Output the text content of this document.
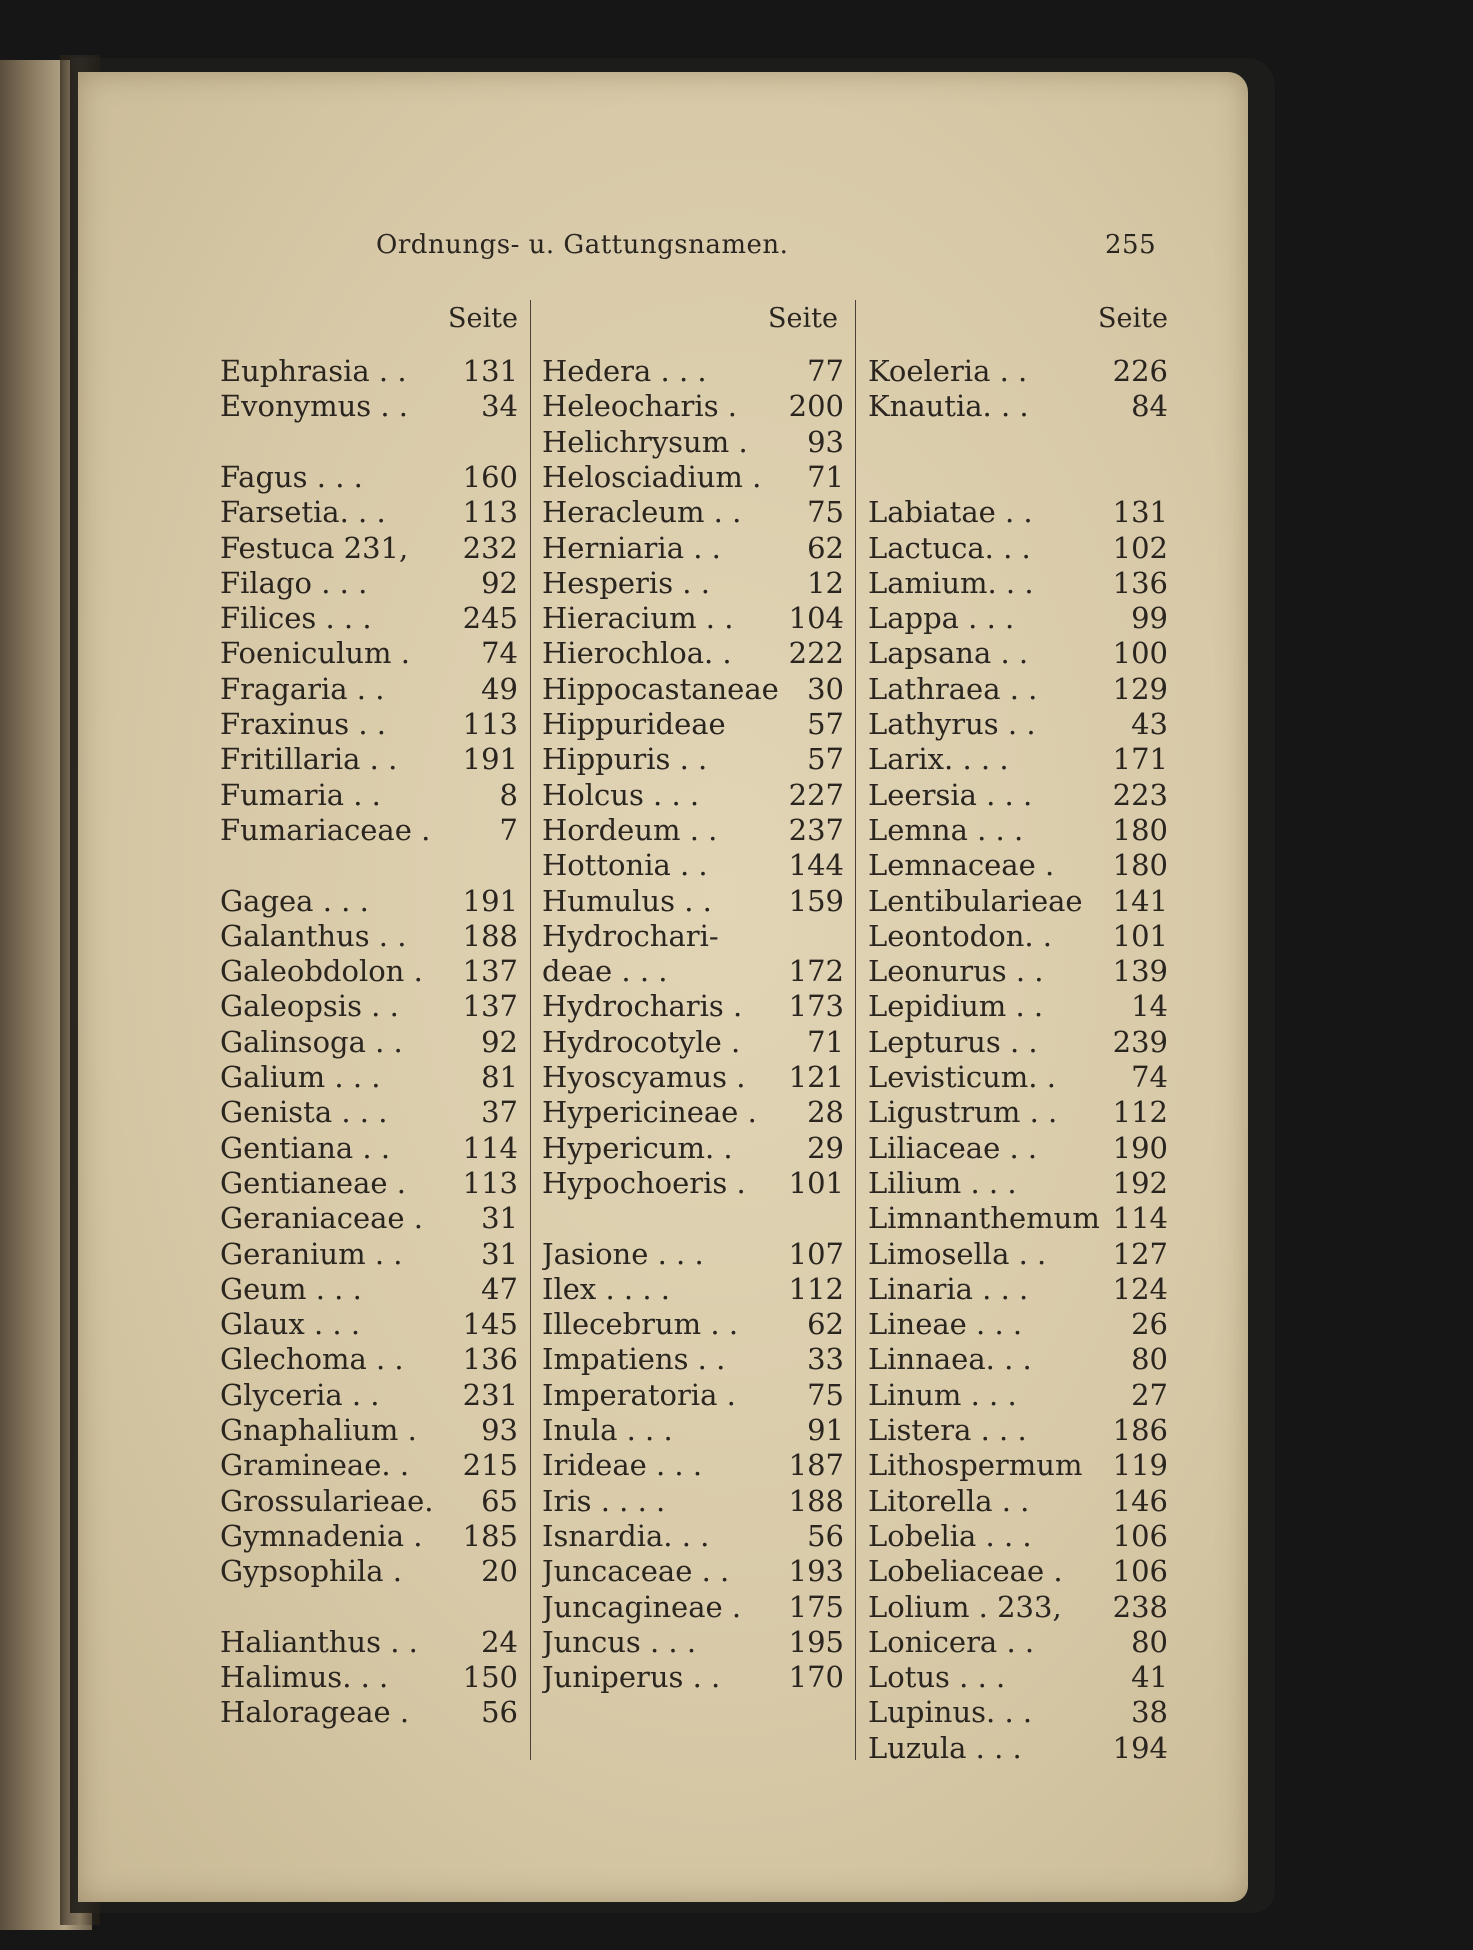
Ordnungs- u. Gattungsnamen.	255
Seite	Seite	Seite
Euphrasia . . 131
Evonymus . .	34
Fagus . . .	160
Farsetia. . .	113
Festuca 231, 232
Filago . . .	92
Filices . . .	245
Foeniculum . 74
Fragaria . .	49
Fraxinus . .	113
Fritillaria . . 191
Fumaria . .	8
Fumariaceae . 7
Gagea . . .	191
Galanthus . . 188
Galeobdolon . 137
Galeopsis . . 137
Galinsoga . .	92
Galium . . .	81
Genista . . .	37
Gentiana . .	114
Gentianeae . 113
Geraniaceae . 31
Geranium . .	31
Geum . . .	47
Glaux . . .	145
Glechoma . . 136
Glyceria . .	231
Gnaphalium . 93
Gramineae. . 215
Grossularieae. 65
Gymnadenia . 185
Gypsophila .	20
Halianthus . . 24
Halimus. . .	150
Halorageae . 56
Hedera . . .	77
Heleocharis . 200
Helichrysum . 93
Helosciadium . 71
Heracleum . . 75
Herniaria . .	62
Hesperis . .	12
Hieracium . . 104
Hierochloa. . 222
Hippocastaneae 30
Hippurideae	57
Hippuris . .	57
Holcus . . .	227
Hordeum . . 237
Hottonia . .	144
Humulus . .	159
Hydrochari-
deae . . .	172
Hydrocharis . 173
Hydrocotyle . 71
Hyoscyamus . 121
Hypericineae . 28
Hypericum. .	29
Hypochoeris . 101
Jasione . . .	107
Ilex . . . .	112
Illecebrum . . 62
Impatiens . .	33
Imperatoria . 75
Inula . . .	91
Irideae . . .	187
Iris . . . .	188
Isnardia. . .	56
Juncaceae . . 193
Juncagineae . 175
Juncus . . .	195
Juniperus . . 170
Koeleria . .	226
Knautia. . .	84
Labiatae . .	131
Lactuca. . .	102
Lamium. . .	136
Lappa . . .	99
Lapsana . .	100
Lathraea . .	129
Lathyrus . .	43
Larix. . . .	171
Leersia . . .	223
Lemna . . .	180
Lemnaceae . 180
Lentibularieae 141
Leontodon. . 101
Leonurus . . 139
Lepidium . .	14
Lepturus . .	239
Levisticum. .	74
Ligustrum . . 112
Liliaceae . .	190
Lilium . . .	192
Limnanthemum 114
Limosella . . 127
Linaria . . .	124
Lineae . . .	26
Linnaea. . .	80
Linum . . .	27
Listera . . .	186
Lithospermum 119
Litorella . .	146
Lobelia . . .	106
Lobeliaceae . 106
Lolium . 233, 238
Lonicera . .	80
Lotus . . .	41
Lupinus. . .	38
Luzula . . .	194
